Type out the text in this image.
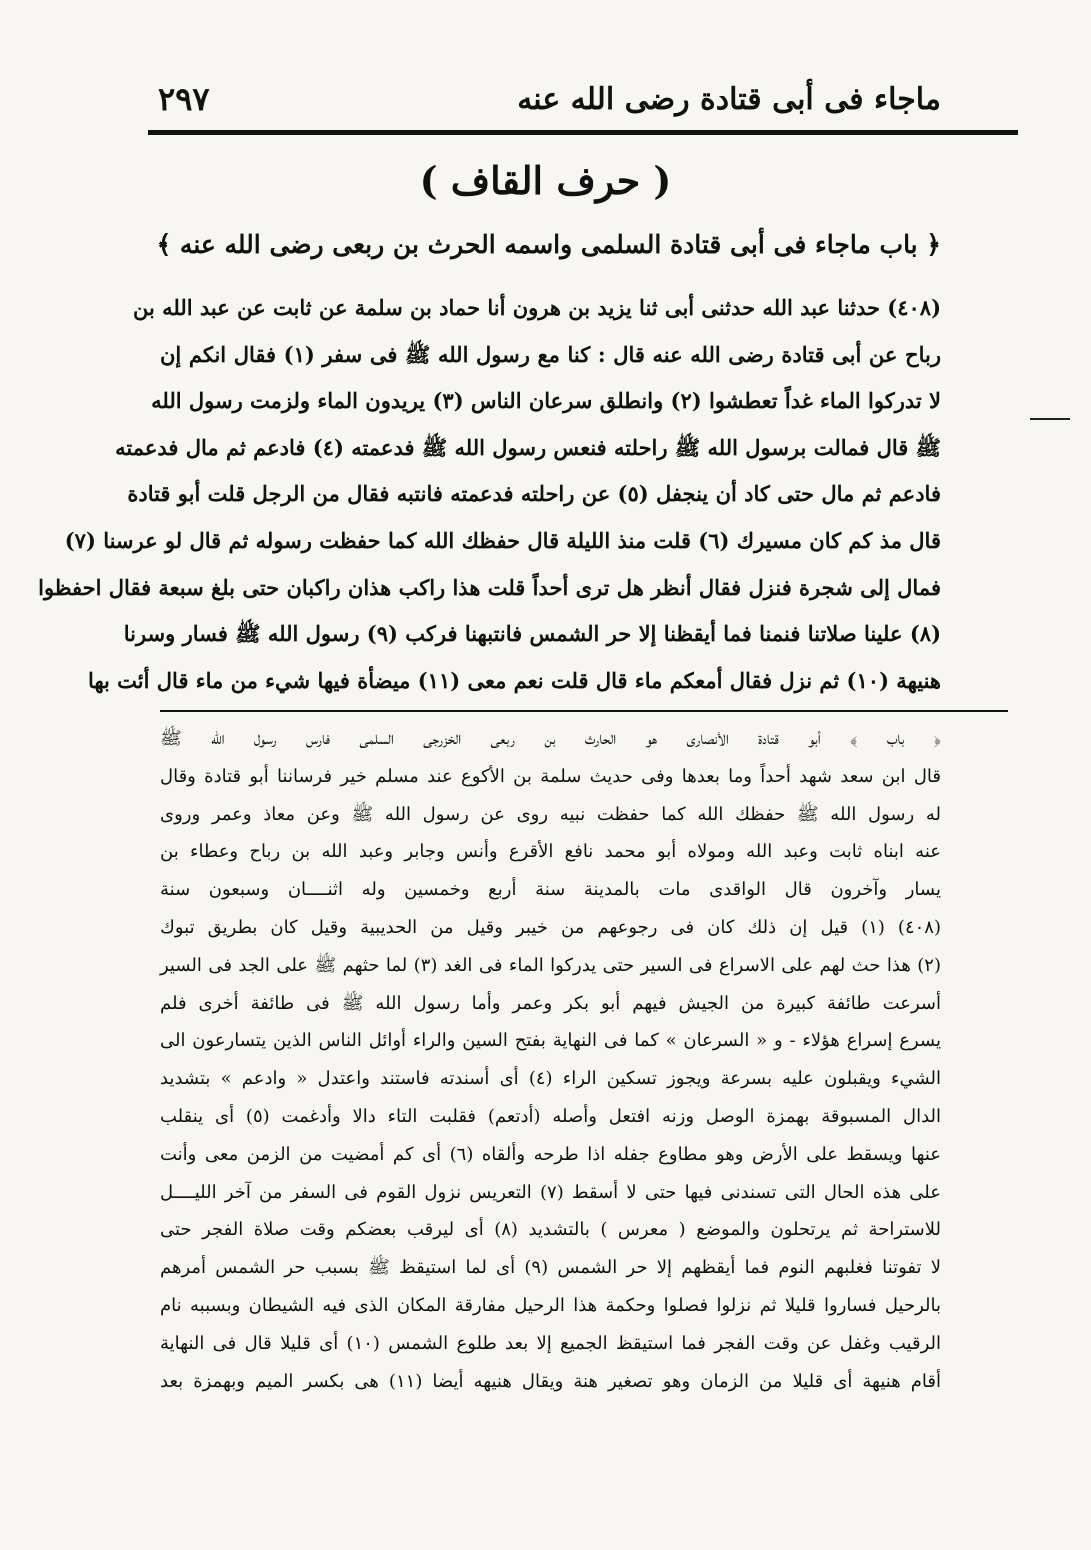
ماجاء فى أبى قتادة رضى الله عنه
٢٩٧
( حرف القاف )
﴿ باب ماجاء فى أبى قتادة السلمى واسمه الحرث بن ربعى رضى الله عنه ﴾
(٤٠٨) حدثنا عبد الله حدثنى أبى ثنا يزيد بن هرون أنا حماد بن سلمة عن ثابت عن عبد الله بن
رباح عن أبى قتادة رضى الله عنه قال : كنا مع رسول الله ﷺ فى سفر (١) فقال انكم إن
لا تدركوا الماء غداً تعطشوا (٢) وانطلق سرعان الناس (٣) يريدون الماء ولزمت رسول الله
ﷺ قال فمالت برسول الله ﷺ راحلته فنعس رسول الله ﷺ فدعمته (٤) فادعم ثم مال فدعمته
فادعم ثم مال حتى كاد أن ينجفل (٥) عن راحلته فدعمته فانتبه فقال من الرجل قلت أبو قتادة
قال مذ كم كان مسيرك (٦) قلت منذ الليلة قال حفظك الله كما حفظت رسوله ثم قال لو عرسنا (٧)
فمال إلى شجرة فنزل فقال أنظر هل ترى أحداً قلت هذا راكب هذان راكبان حتى بلغ سبعة فقال احفظوا
(٨) علينا صلاتنا فنمنا فما أيقظنا إلا حر الشمس فانتبهنا فركب (٩) رسول الله ﷺ فسار وسرنا
هنيهة (١٠) ثم نزل فقال أمعكم ماء قال قلت نعم معى (١١) ميضأة فيها شيء من ماء قال أئت بها
﴿ باب ﴾ أبو قتادة الأنصارى هو الحارث بن ربعى الخزرجى السلمى فارس رسول الله ﷺ
قال ابن سعد شهد أحداً وما بعدها وفى حديث سلمة بن الأكوع عند مسلم خير فرساننا أبو قتادة وقال
له رسول الله ﷺ حفظك الله كما حفظت نبيه روى عن رسول الله ﷺ وعن معاذ وعمر وروى
عنه ابناه ثابت وعبد الله ومولاه أبو محمد نافع الأقرع وأنس وجابر وعبد الله بن رباح وعطاء بن
يسار وآخرون قال الواقدى مات بالمدينة سنة أربع وخمسين وله اثنــــان وسبعون سنة
(٤٠٨) (١) قيل إن ذلك كان فى رجوعهم من خيبر وقيل من الحديبية وقيل كان بطريق تبوك
(٢) هذا حث لهم على الاسراع فى السير حتى يدركوا الماء فى الغد (٣) لما حثهم ﷺ على الجد فى السير
أسرعت طائفة كبيرة من الجيش فيهم أبو بكر وعمر وأما رسول الله ﷺ فى طائفة أخرى فلم
يسرع إسراع هؤلاء - و « السرعان » كما فى النهاية بفتح السين والراء أوائل الناس الذين يتسارعون الى
الشيء ويقبلون عليه بسرعة ويجوز تسكين الراء (٤) أى أسندته فاستند واعتدل « وادعم » بتشديد
الدال المسبوقة بهمزة الوصل وزنه افتعل وأصله (أدتعم) فقلبت التاء دالا وأدغمت (٥) أى ينقلب
عنها ويسقط على الأرض وهو مطاوع جفله اذا طرحه وألقاه (٦) أى كم أمضيت من الزمن معى وأنت
على هذه الحال التى تسندنى فيها حتى لا أسقط (٧) التعريس نزول القوم فى السفر من آخر الليــــل
للاستراحة ثم يرتحلون والموضع ( معرس ) بالتشديد (٨) أى ليرقب بعضكم وقت صلاة الفجر حتى
لا تفوتنا فغلبهم النوم فما أيقظهم إلا حر الشمس (٩) أى لما استيقظ ﷺ بسبب حر الشمس أمرهم
بالرحيل فساروا قليلا ثم نزلوا فصلوا وحكمة هذا الرحيل مفارقة المكان الذى فيه الشيطان وبسببه نام
الرقيب وغفل عن وقت الفجر فما استيقظ الجميع إلا بعد طلوع الشمس (١٠) أى قليلا قال فى النهاية
أقام هنيهة أى قليلا من الزمان وهو تصغير هنة ويقال هنيهه أيضا (١١) هى بكسر الميم وبهمزة بعد
